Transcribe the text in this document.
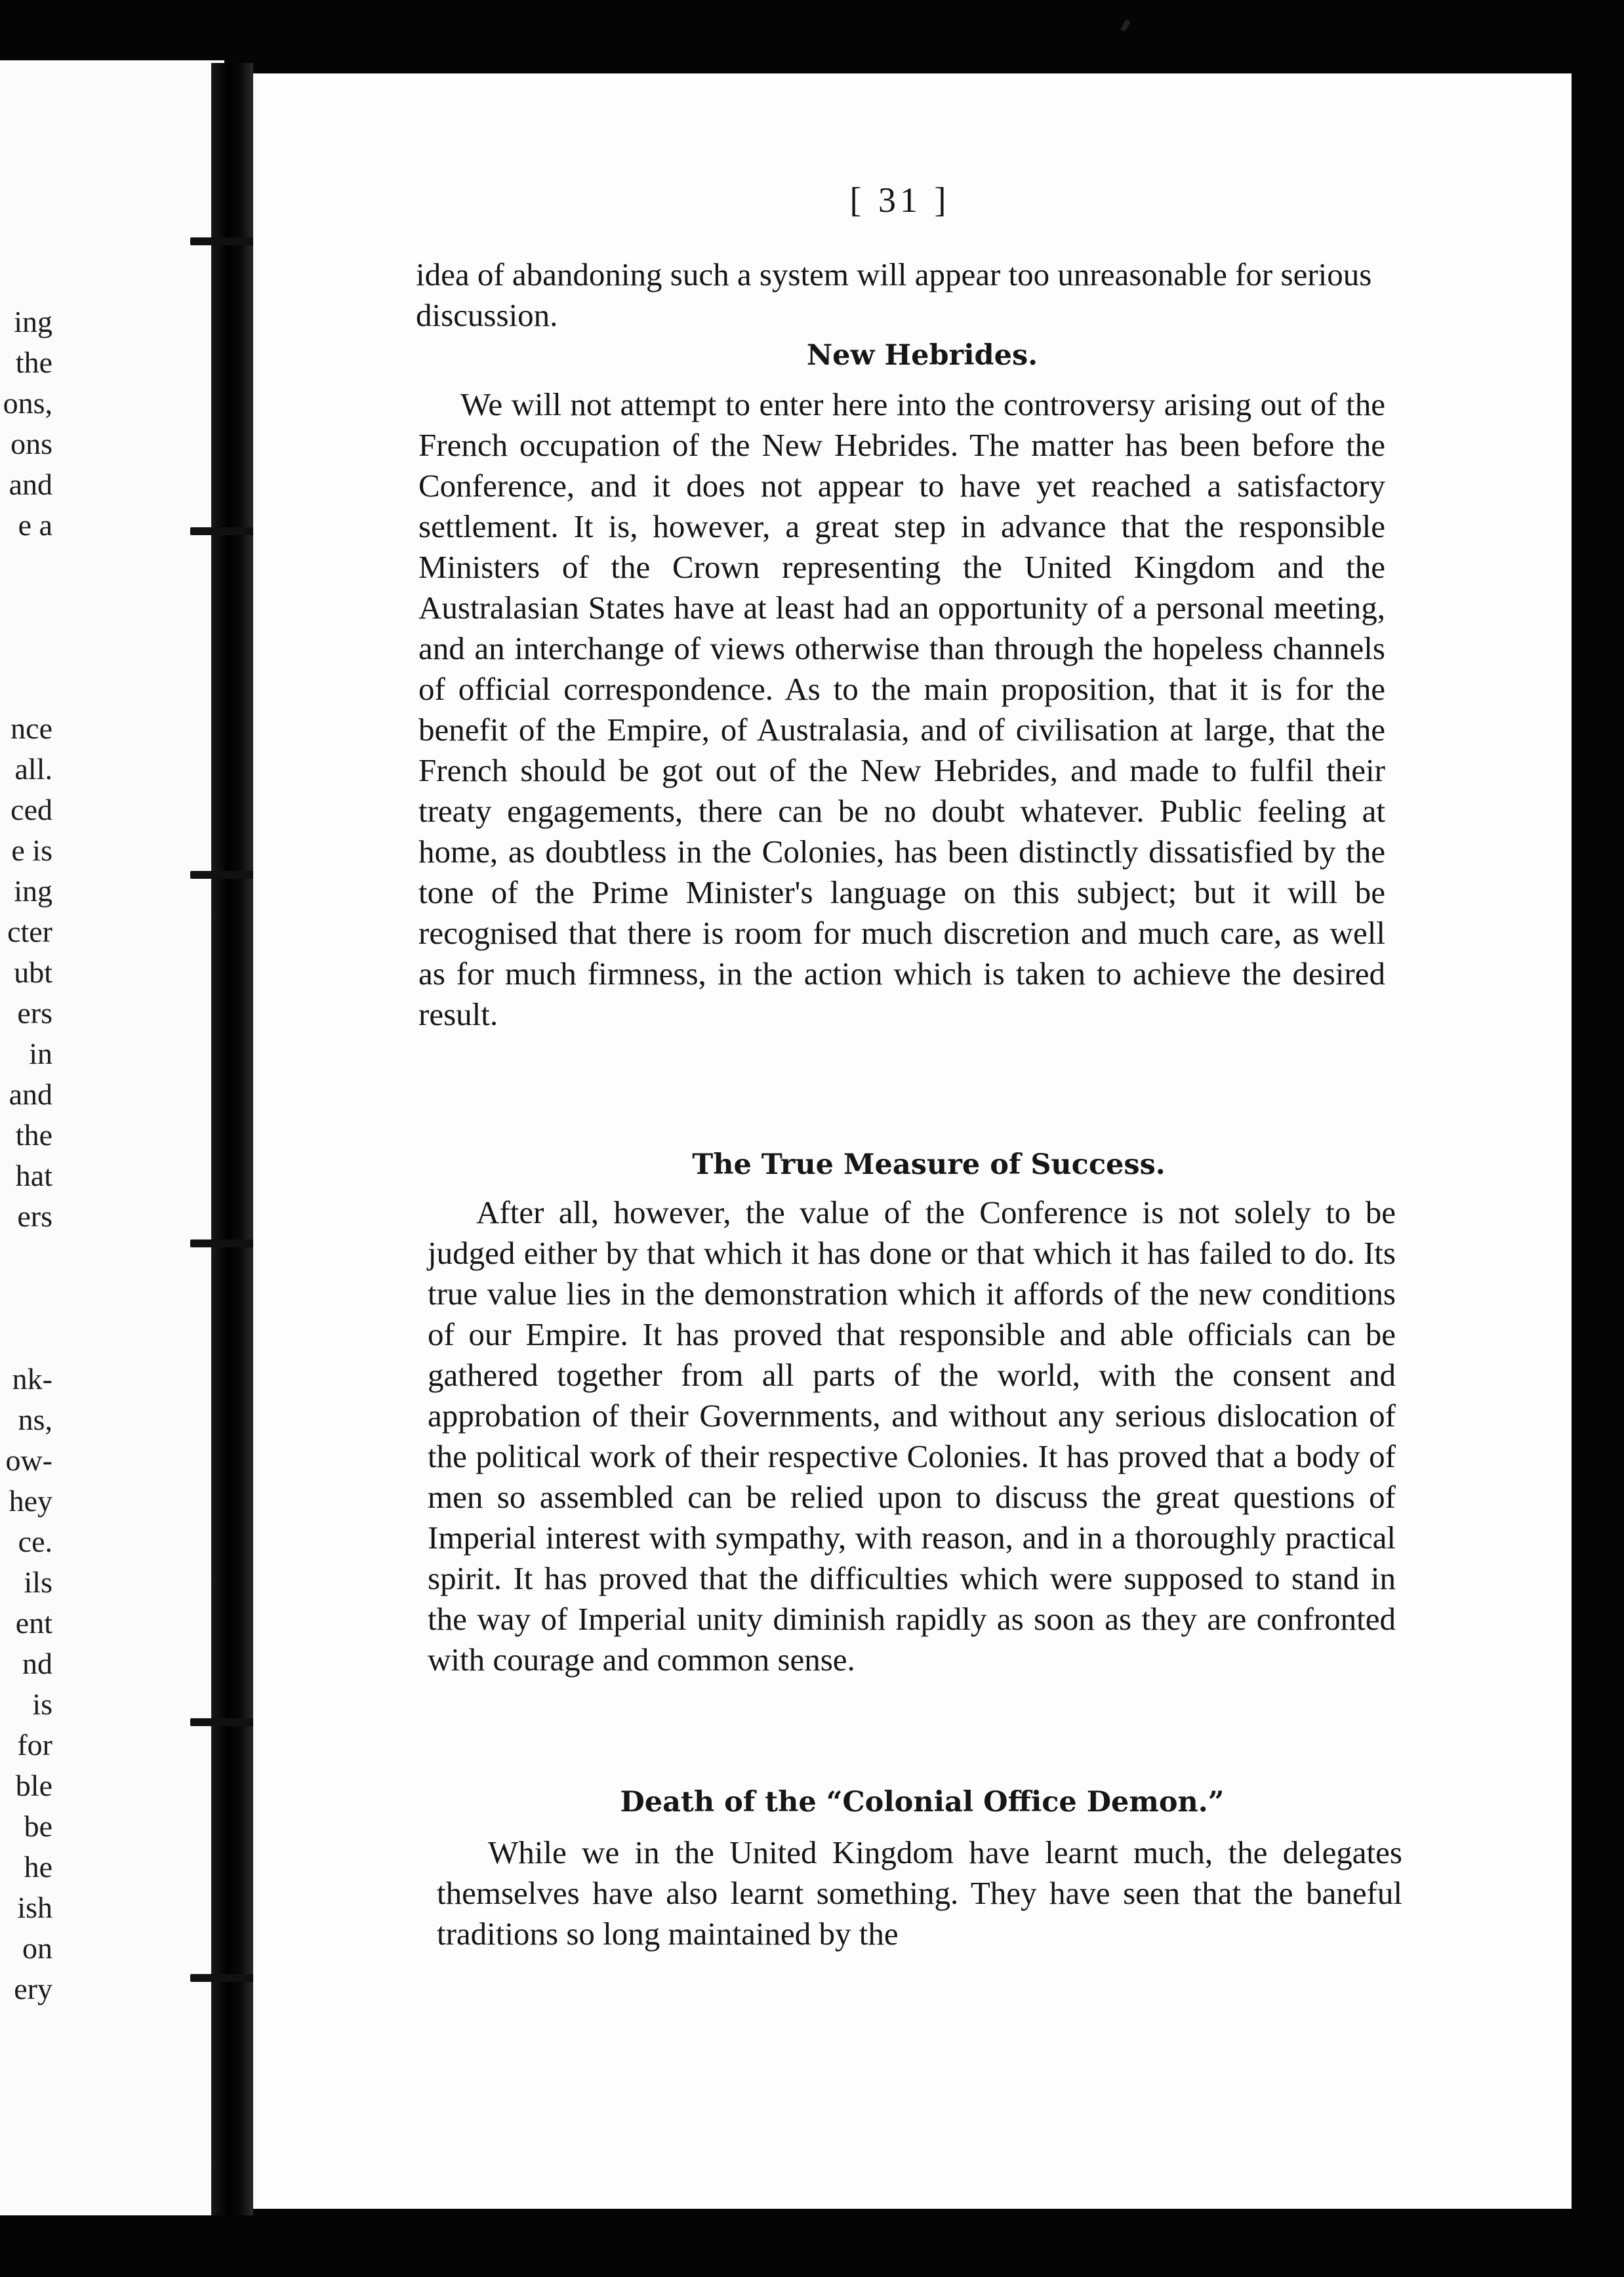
ing
the
ons,
ons
and
e a
nce
all.
ced
e is
ing
cter
ubt
ers
in
and
the
hat
ers
nk-
ns,
ow-
hey
ce.
ils
ent
nd
is
for
ble
be
he
ish
on
ery
[ 31 ]

idea of abandoning such a system will appear too unreasonable for serious discussion.

New Hebrides.

We will not attempt to enter here into the controversy arising out of the French occupation of the New Hebrides. The matter has been before the Conference, and it does not appear to have yet reached a satisfactory settlement. It is, however, a great step in advance that the responsible Ministers of the Crown representing the United Kingdom and the Australasian States have at least had an opportunity of a personal meeting, and an interchange of views otherwise than through the hopeless channels of official correspondence. As to the main proposition, that it is for the benefit of the Empire, of Australasia, and of civilisation at large, that the French should be got out of the New Hebrides, and made to fulfil their treaty engagements, there can be no doubt whatever. Public feeling at home, as doubtless in the Colonies, has been distinctly dissatisfied by the tone of the Prime Minister's language on this subject; but it will be recognised that there is room for much discretion and much care, as well as for much firmness, in the action which is taken to achieve the desired result.

The True Measure of Success.

After all, however, the value of the Conference is not solely to be judged either by that which it has done or that which it has failed to do. Its true value lies in the demonstration which it affords of the new conditions of our Empire. It has proved that responsible and able officials can be gathered together from all parts of the world, with the consent and approbation of their Governments, and without any serious dislocation of the political work of their respective Colonies. It has proved that a body of men so assembled can be relied upon to discuss the great questions of Imperial interest with sympathy, with reason, and in a thoroughly practical spirit. It has proved that the difficulties which were supposed to stand in the way of Imperial unity diminish rapidly as soon as they are confronted with courage and common sense.

Death of the “Colonial Office Demon.”

While we in the United Kingdom have learnt much, the delegates themselves have also learnt something. They have seen that the baneful traditions so long maintained by the
